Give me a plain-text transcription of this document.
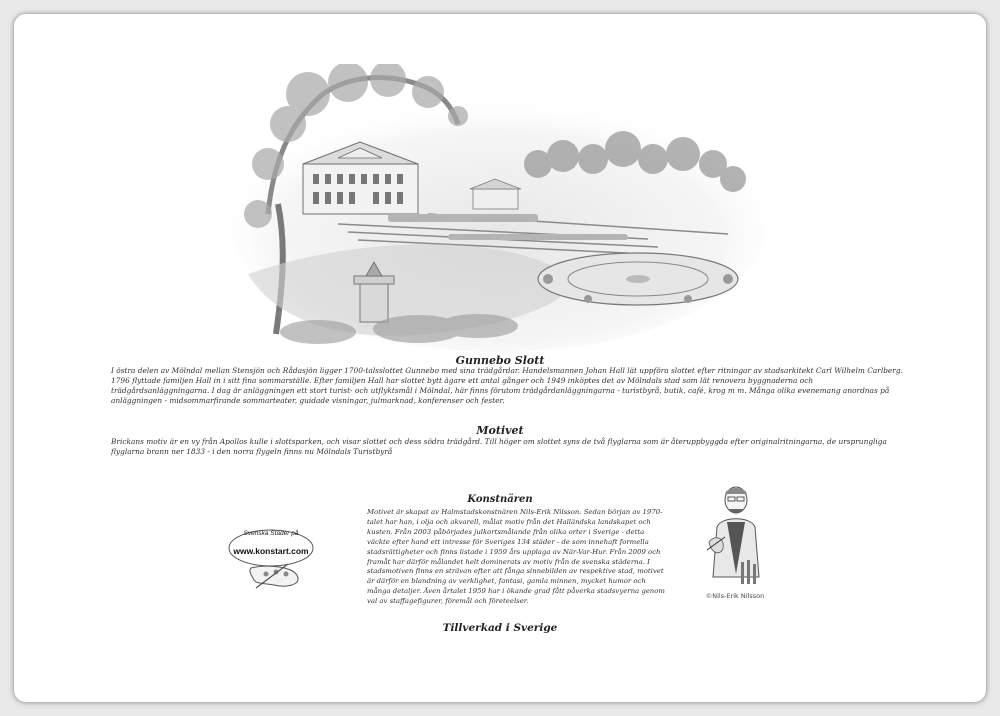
Gunnebo Slott
I östra delen av Mölndal mellan Stensjön och Rådasjön ligger 1700-talsslottet Gunnebo med sina trädgårdar. Handelsmannen Johan Hall lät uppföra slottet efter ritningar av stadsarkitekt Carl Wilhelm Carlberg. 1796 flyttade familjen Hall in i sitt fina sommarställe. Efter familjen Hall har slottet bytt ägare ett antal gånger och 1949 inköptes det av Mölndals stad som lät renovera byggnaderna och trädgårdsanläggningarna. I dag är anläggningen ett stort turist- och utflyktsmål i Mölndal, här finns förutom trädgårdanläggningarna - turistbyrå, butik, café, krog m m. Många olika evenemang anordnas på anläggningen - midsommarfirande sommarteater, guidade visningar, julmarknad, konferenser och fester.
Motivet
Brickans motiv är en vy från Apollos kulle i slottsparken, och visar slottet och dess södra trädgård. Till höger om slottet syns de två flyglarna som är återuppbyggda efter originalritningarna, de ursprungliga flyglarna brann ner 1833 - i den norra flygeln finns nu Mölndals Turistbyrå
Konstnären
Motivet är skapat av Halmstadskonstnären Nils-Erik Nilsson. Sedan början av 1970-talet har han, i olja och akvarell, målat motiv från det Halländska landskapet och kusten. Från 2003 påbörjades julkortsmålande från olika orter i Sverige - detta väckte efter hand ett intresse för Sveriges 134 städer - de som innehaft formella stadsrättigheter och finns listade i 1959 års upplaga av När-Var-Hur. Från 2009 och framåt har därför målandet helt dominerats av motiv från de svenska städerna. I stadsmotiven finns en strävan efter att fånga sinnebilden av respektive stad, motivet är därför en blandning av verklighet, fantasi, gamla minnen, mycket humor och många detaljer. Även årtalet 1959 har i ökande grad fått påverka stadsvyerna genom val av staffagefigurer, föremål och företeelser.
Tillverkad i Sverige
Svenska Städer på
www.konstart.com
©Nils-Erik Nilsson
